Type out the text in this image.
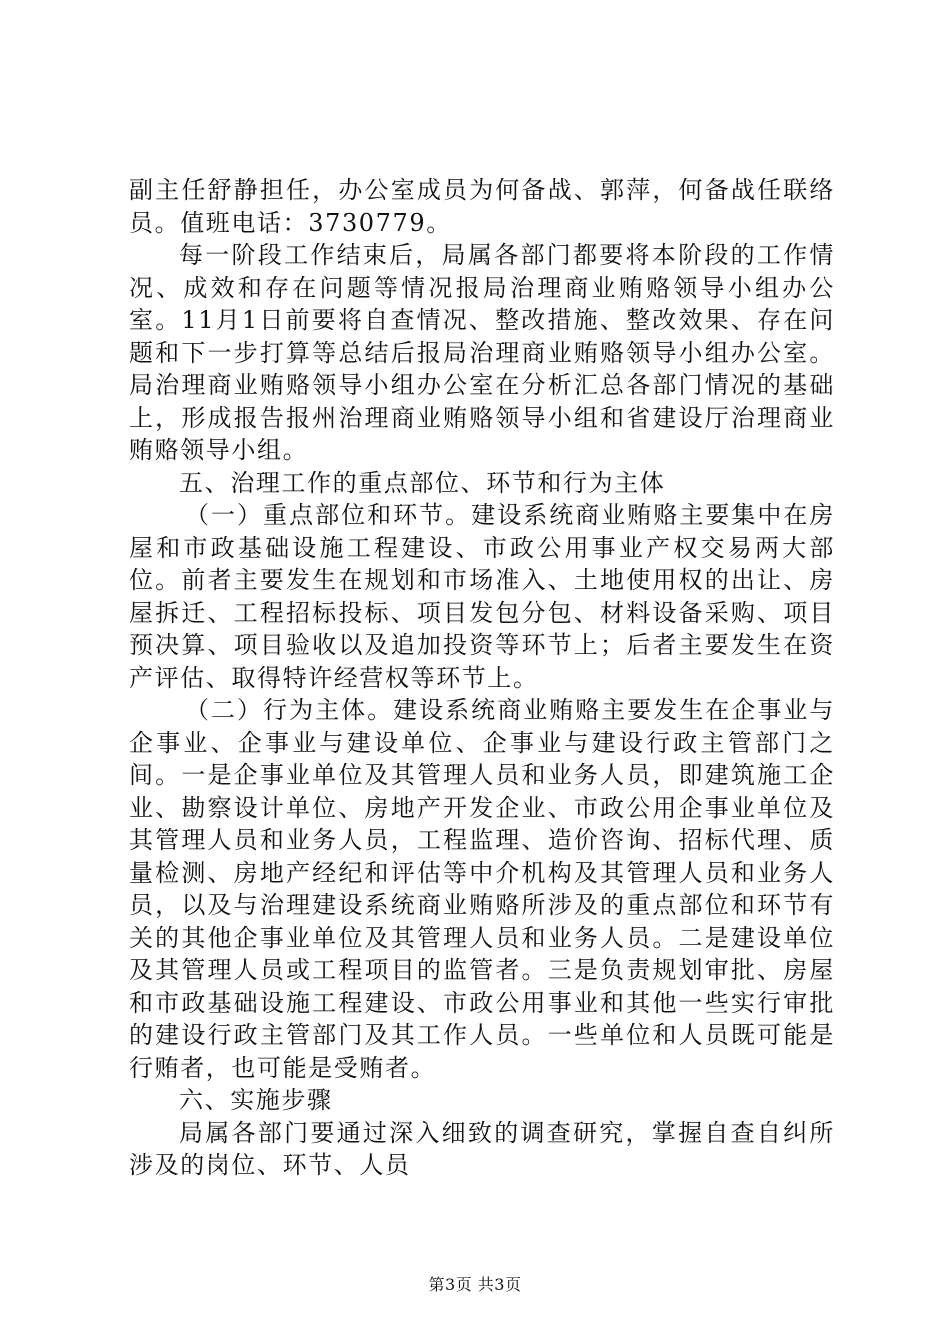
副主任舒静担任，办公室成员为何备战、郭萍，何备战任联络员。值班电话：3730779。

每一阶段工作结束后，局属各部门都要将本阶段的工作情况、成效和存在问题等情况报局治理商业贿赂领导小组办公室。11月1日前要将自查情况、整改措施、整改效果、存在问题和下一步打算等总结后报局治理商业贿赂领导小组办公室。局治理商业贿赂领导小组办公室在分析汇总各部门情况的基础上，形成报告报州治理商业贿赂领导小组和省建设厅治理商业贿赂领导小组。

五、治理工作的重点部位、环节和行为主体

（一）重点部位和环节。建设系统商业贿赂主要集中在房屋和市政基础设施工程建设、市政公用事业产权交易两大部位。前者主要发生在规划和市场准入、土地使用权的出让、房屋拆迁、工程招标投标、项目发包分包、材料设备采购、项目预决算、项目验收以及追加投资等环节上；后者主要发生在资产评估、取得特许经营权等环节上。

（二）行为主体。建设系统商业贿赂主要发生在企事业与企事业、企事业与建设单位、企事业与建设行政主管部门之间。一是企事业单位及其管理人员和业务人员，即建筑施工企业、勘察设计单位、房地产开发企业、市政公用企事业单位及其管理人员和业务人员，工程监理、造价咨询、招标代理、质量检测、房地产经纪和评估等中介机构及其管理人员和业务人员，以及与治理建设系统商业贿赂所涉及的重点部位和环节有关的其他企事业单位及其管理人员和业务人员。二是建设单位及其管理人员或工程项目的监管者。三是负责规划审批、房屋和市政基础设施工程建设、市政公用事业和其他一些实行审批的建设行政主管部门及其工作人员。一些单位和人员既可能是行贿者，也可能是受贿者。

六、实施步骤

局属各部门要通过深入细致的调查研究，掌握自查自纠所涉及的岗位、环节、人员

第3页 共3页
